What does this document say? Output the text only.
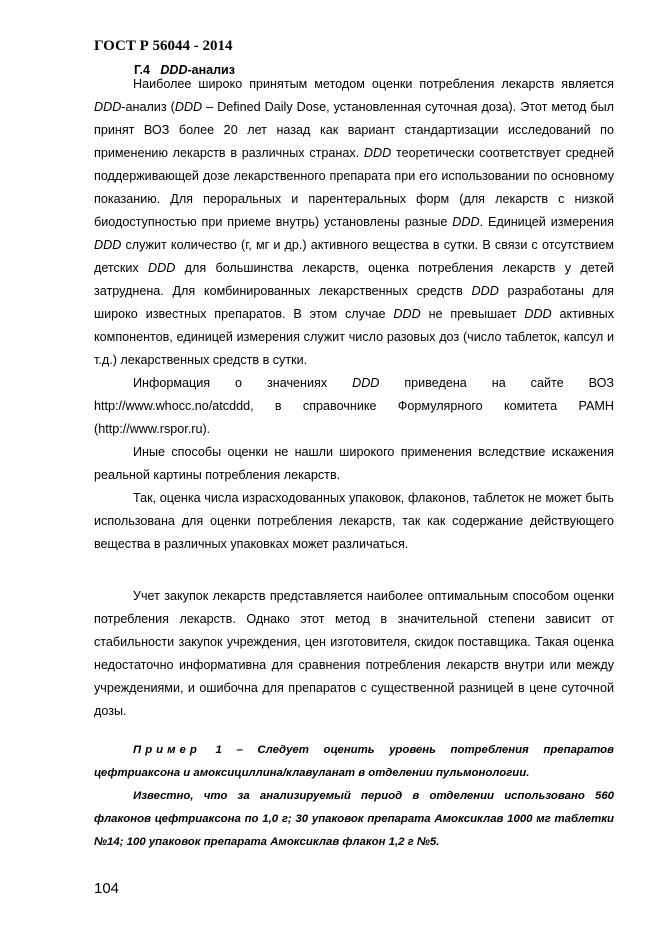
ГОСТ Р 56044 - 2014
Г.4 DDD-анализ

Наиболее широко принятым методом оценки потребления лекарств является DDD-анализ (DDD – Defined Daily Dose, установленная суточная доза). Этот метод был принят ВОЗ более 20 лет назад как вариант стандартизации исследований по применению лекарств в различных странах. DDD теоретически соответствует средней поддерживающей дозе лекарственного препарата при его использовании по основному показанию. Для пероральных и парентеральных форм (для лекарств с низкой биодоступностью при приеме внутрь) установлены разные DDD. Единицей измерения DDD служит количество (г, мг и др.) активного вещества в сутки. В связи с отсутствием детских DDD для большинства лекарств, оценка потребления лекарств у детей затруднена. Для комбинированных лекарственных средств DDD разработаны для широко известных препаратов. В этом случае DDD не превышает DDD активных компонентов, единицей измерения служит число разовых доз (число таблеток, капсул и т.д.) лекарственных средств в сутки.

Информация о значениях DDD приведена на сайте ВОЗ http://www.whocc.no/atcddd, в справочнике Формулярного комитета РАМН (http://www.rspor.ru).

Иные способы оценки не нашли широкого применения вследствие искажения реальной картины потребления лекарств.

Так, оценка числа израсходованных упаковок, флаконов, таблеток не может быть использована для оценки потребления лекарств, так как содержание действующего вещества в различных упаковках может различаться.

Учет закупок лекарств представляется наиболее оптимальным способом оценки потребления лекарств. Однако этот метод в значительной степени зависит от стабильности закупок учреждения, цен изготовителя, скидок поставщика. Такая оценка недостаточно информативна для сравнения потребления лекарств внутри или между учреждениями, и ошибочна для препаратов с существенной разницей в цене суточной дозы.

Пример 1 – Следует оценить уровень потребления препаратов цефтриаксона и амоксициллина/клавуланат в отделении пульмонологии.

Известно, что за анализируемый период в отделении использовано 560 флаконов цефтриаксона по 1,0 г; 30 упаковок препарата Амоксиклав 1000 мг таблетки №14; 100 упаковок препарата Амоксиклав флакон 1,2 г №5.

104
